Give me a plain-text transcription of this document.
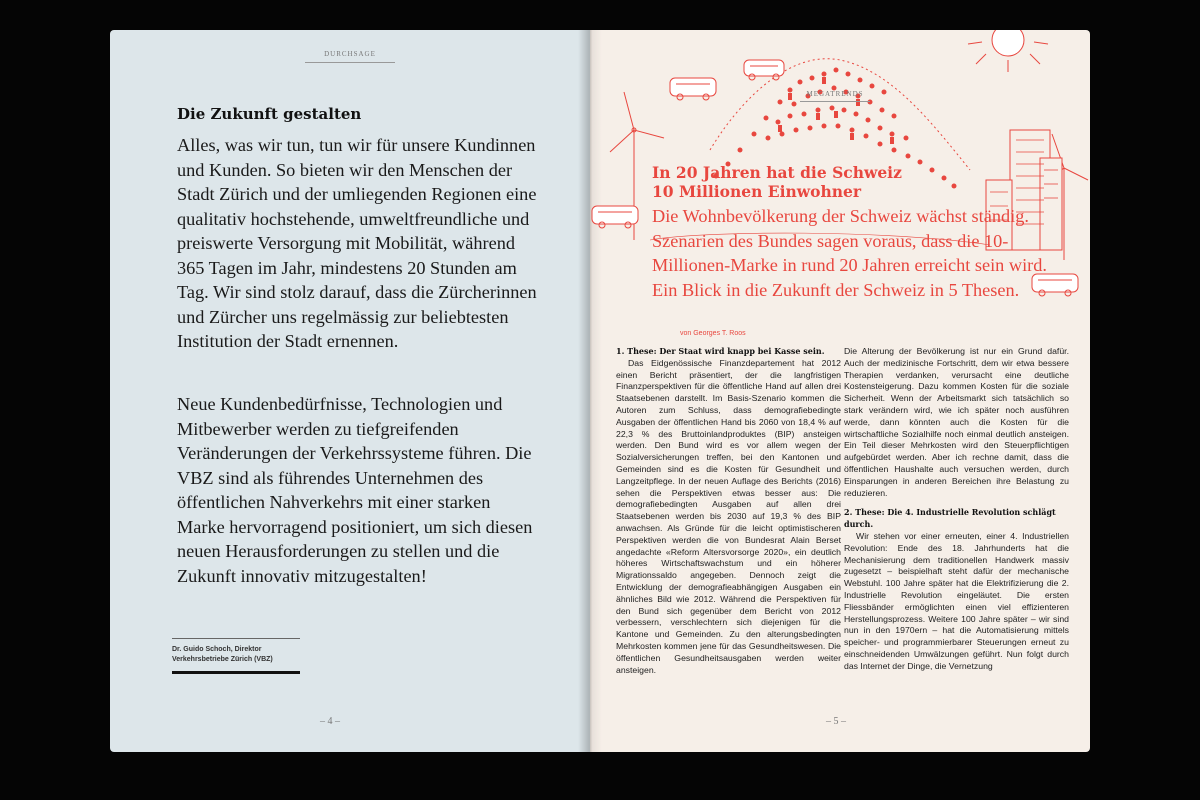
DURCHSAGE
Die Zukunft gestalten
Alles, was wir tun, tun wir für unsere Kundinnen und Kunden. So bieten wir den Menschen der Stadt Zürich und der umliegenden Regionen eine qualitativ hochstehende, umweltfreundliche und preiswerte Versorgung mit Mobilität, während 365 Tagen im Jahr, mindestens 20 Stunden am Tag. Wir sind stolz darauf, dass die Zürcherinnen und Zürcher uns regelmässig zur beliebtesten Institution der Stadt ernennen.
Neue Kundenbedürfnisse, Technologien und Mitbewerber werden zu tiefgreifenden Veränderungen der Verkehrssysteme führen. Die VBZ sind als führendes Unternehmen des öffentlichen Nahverkehrs mit einer starken Marke hervorragend positioniert, um sich diesen neuen Herausforderungen zu stellen und die Zukunft innovativ mitzugestalten!
Dr. Guido Schoch, Direktor Verkehrsbetriebe Zürich (VBZ)
– 4 –
MEGATRENDS
In 20 Jahren hat die Schweiz
10 Millionen Einwohner
Die Wohnbevölkerung der Schweiz wächst ständig. Szenarien des Bundes sagen voraus, dass die 10-Millionen-Marke in rund 20 Jahren erreicht sein wird. Ein Blick in die Zukunft der Schweiz in 5 Thesen.
von Georges T. Roos
1. These: Der Staat wird knapp bei Kasse sein.

Das Eidgenössische Finanzdepartement hat 2012 einen Bericht präsentiert, der die langfristigen Finanzperspektiven für die öffentliche Hand auf allen drei Staatsebenen darstellt. Im Basis-Szenario kommen die Autoren zum Schluss, dass demografiebedingte Ausgaben der öffentlichen Hand bis 2060 von 18,4 % auf 22,3 % des Bruttoinlandproduktes (BIP) ansteigen werden. Den Bund wird es vor allem wegen der Sozialversicherungen treffen, bei den Kantonen und Gemeinden sind es die Kosten für Gesundheit und Langzeitpflege. In der neuen Auflage des Berichts (2016) sehen die Perspektiven etwas besser aus: Die demografiebedingten Ausgaben auf allen drei Staatsebenen werden bis 2030 auf 19,3 % des BIP anwachsen. Als Gründe für die leicht optimistischeren Perspektiven werden die von Bundesrat Alain Berset angedachte «Reform Altersvorsorge 2020», ein deutlich höheres Wirtschaftswachstum und ein höherer Migrationssaldo angegeben. Dennoch zeigt die Entwicklung der demografieabhängigen Ausgaben ein ähnliches Bild wie 2012. Während die Perspektiven für den Bund sich gegenüber dem Bericht von 2012 verbessern, verschlechtern sich diejenigen für die Kantone und Gemeinden. Zu den alterungsbedingten Mehrkosten kommen jene für das Gesundheitswesen. Die öffentlichen Gesundheitsausgaben werden weiter ansteigen.

Die Alterung der Bevölkerung ist nur ein Grund dafür. Auch der medizinische Fortschritt, dem wir etwa bessere Therapien verdanken, verursacht eine deutliche Kostensteigerung. Dazu kommen Kosten für die soziale Sicherheit. Wenn der Arbeitsmarkt sich tatsächlich so stark verändern wird, wie ich später noch ausführen werde, dann könnten auch die Kosten für die wirtschaftliche Sozialhilfe noch einmal deutlich ansteigen. Ein Teil dieser Mehrkosten wird den Steuerpflichtigen aufgebürdet werden. Aber ich rechne damit, dass die öffentlichen Haushalte auch versuchen werden, durch Einsparungen in anderen Bereichen ihre Belastung zu reduzieren.

2. These: Die 4. Industrielle Revolution schlägt durch.

Wir stehen vor einer erneuten, einer 4. Industriellen Revolution: Ende des 18. Jahrhunderts hat die Mechanisierung dem traditionellen Handwerk massiv zugesetzt – beispielhaft steht dafür der mechanische Webstuhl. 100 Jahre später hat die Elektrifizierung die 2. Industrielle Revolution eingeläutet. Die ersten Fliessbänder ermöglichten einen viel effizienteren Herstellungsprozess. Weitere 100 Jahre später – wir sind nun in den 1970ern – hat die Automatisierung mittels speicher- und programmierbarer Steuerungen erneut zu einschneidenden Umwälzungen geführt. Nun folgt durch das Internet der Dinge, die Vernetzung

– 5 –
